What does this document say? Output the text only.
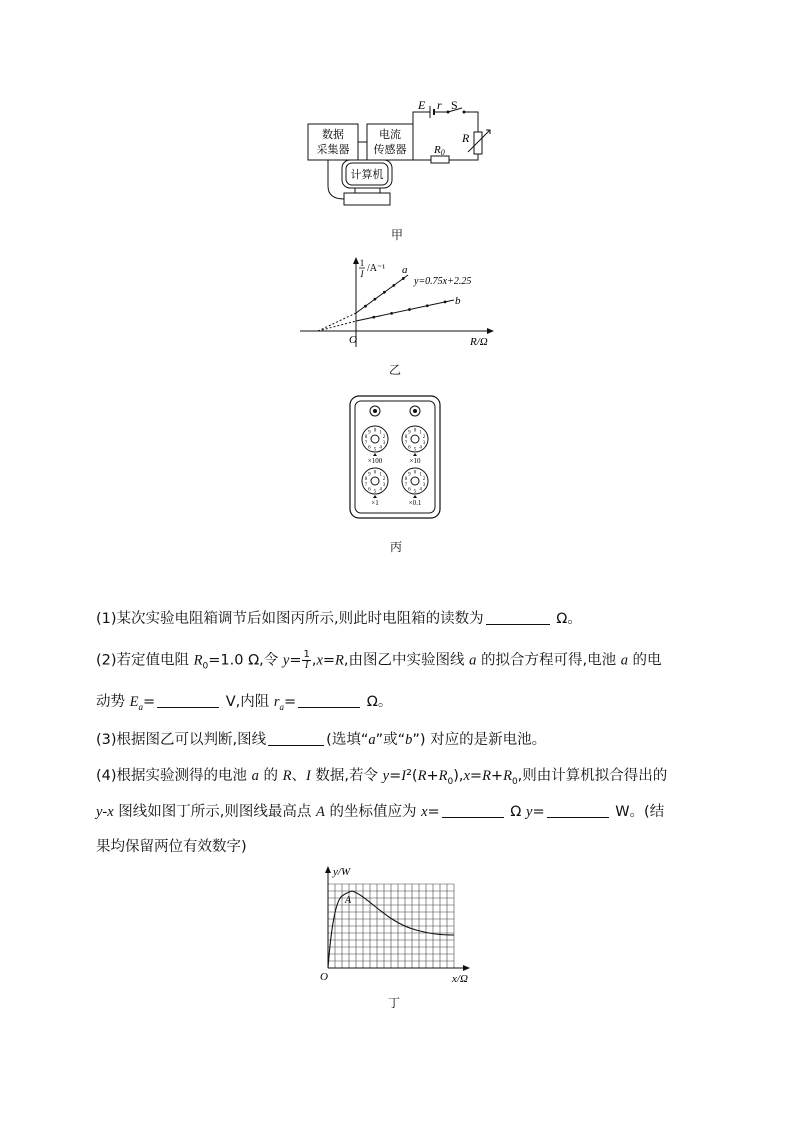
数据
采集器
电流
传感器
计算机
E r S
R
R0
甲
1
I /A⁻¹
R/Ω
O
a
b
y=0.75x+2.25
乙
0 1
2
3
4
5
6
7
8
9
×100
0 1
2
3
4
5
6
7
8
9
×10
0 1
2
3
4
5
6
7
8
9
×1
0 1
2
3
4
5
6
7
8
9
×0.1
丙
(1)某次实验电阻箱调节后如图丙所示,则此时电阻箱的读数为	Ω。
(2)若定值电阻 $R_0=1.0$ Ω,令 $y= \frac{1}{I} ,x=R$,由图乙中实验图线 a 的拟合方程可得,电池 a 的电
动势 $E_a=$	V,内阻 $r_a=$	Ω。
(3)根据图乙可以判断,图线	(选填“a”或“b”) 对应的是新电池。
(4)根据实验测得的电池 a 的 R、I 数据,若令 $y=I^2(R+R_0),x=R+R_0$,则由计算机拟合得出的
y-x 图线如图丁所示,则图线最高点 A 的坐标值应为 x=	Ω y=	W。(结
果均保留两位有效数字)
y/W
x/Ω
O
A
丁
